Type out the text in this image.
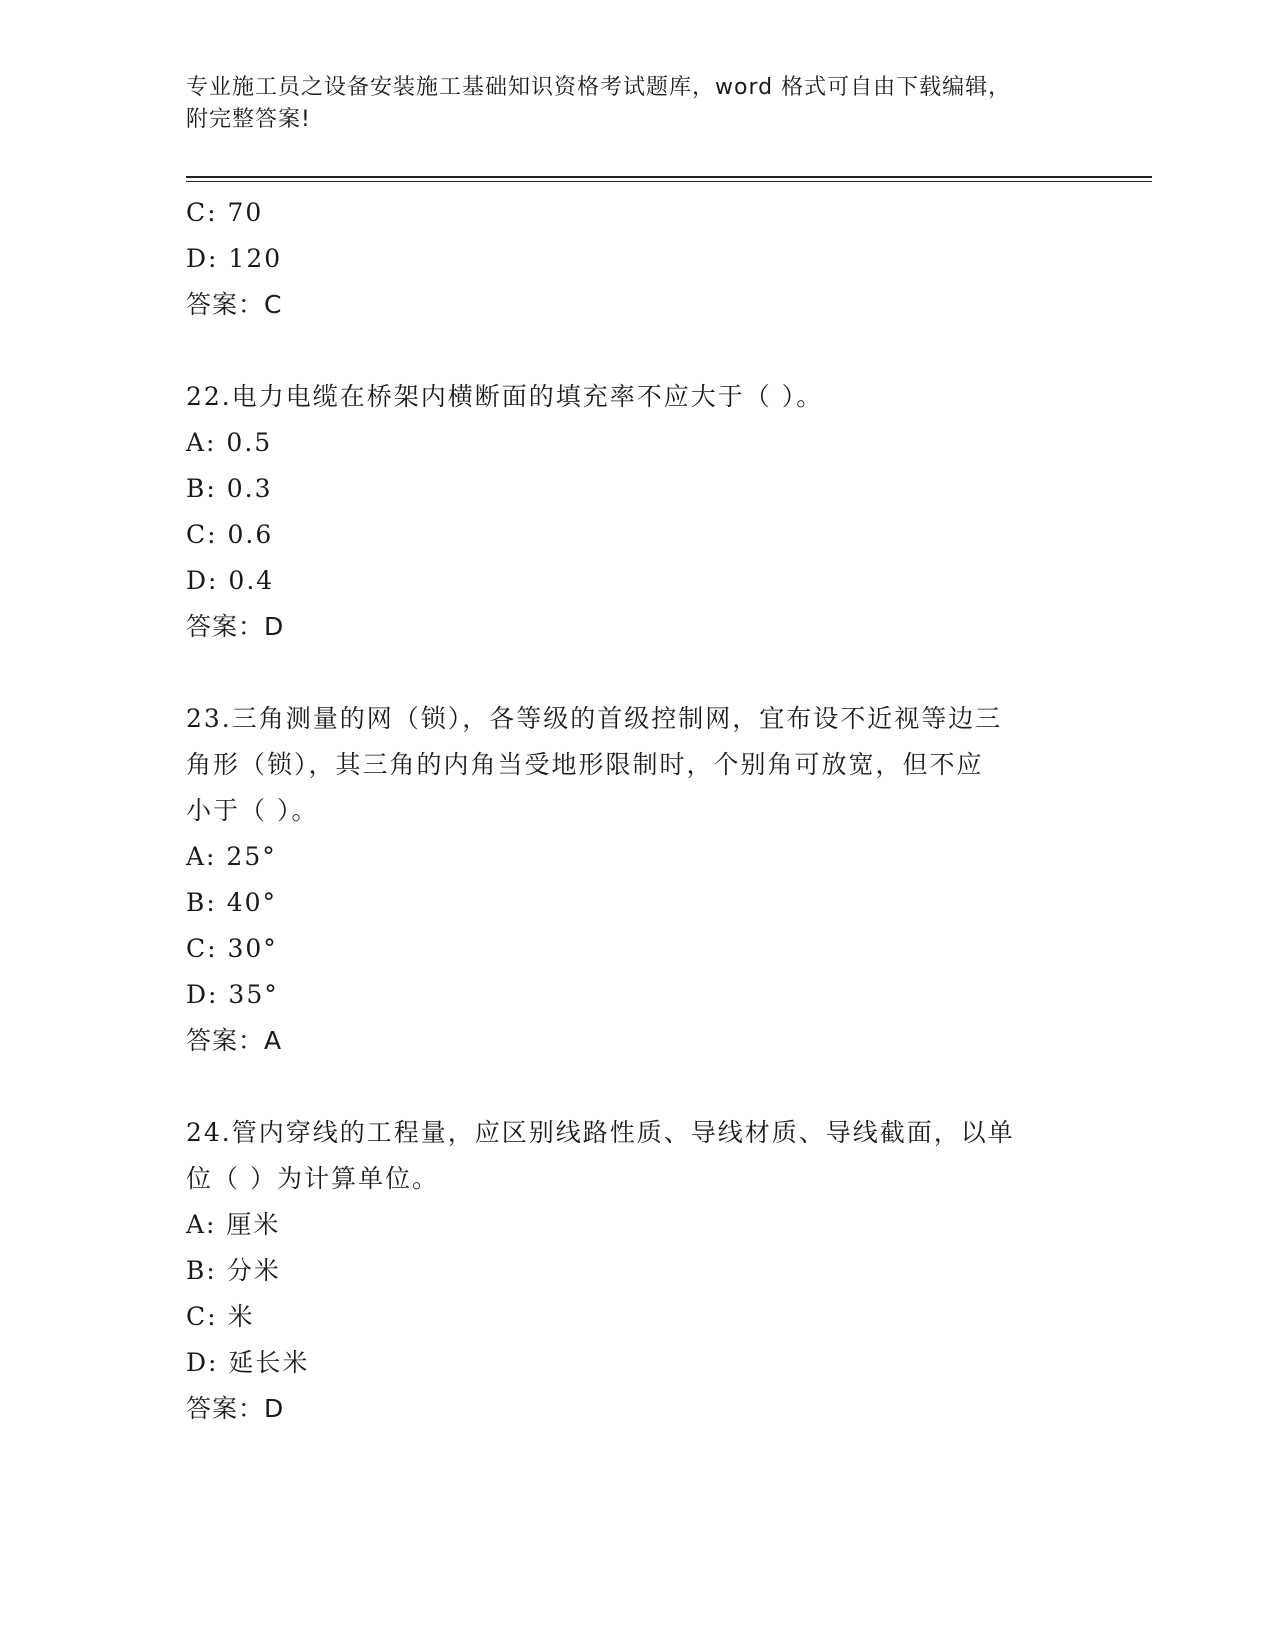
专业施工员之设备安装施工基础知识资格考试题库，word 格式可自由下载编辑，
附完整答案!
C: 70
D: 120
答案：C
22.电力电缆在桥架内横断面的填充率不应大于（ ）。
A: 0.5
B: 0.3
C: 0.6
D: 0.4
答案：D
23.三角测量的网（锁），各等级的首级控制网，宜布设不近视等边三
角形（锁），其三角的内角当受地形限制时，个别角可放宽，但不应
小于（ ）。
A: 25°
B: 40°
C: 30°
D: 35°
答案：A
24.管内穿线的工程量，应区别线路性质、导线材质、导线截面，以单
位（ ）为计算单位。
A: 厘米
B: 分米
C: 米
D: 延长米
答案：D
